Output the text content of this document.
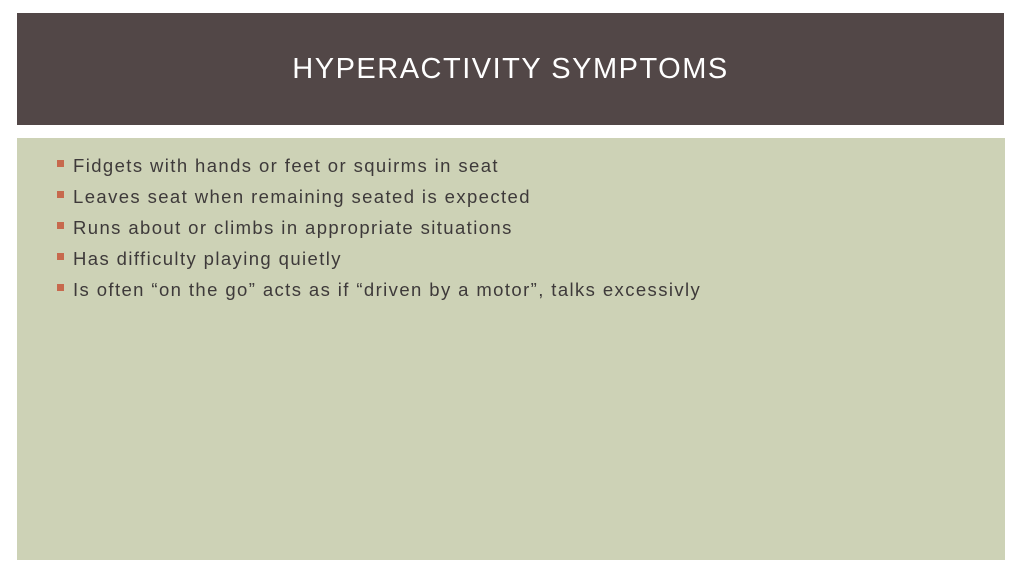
HYPERACTIVITY SYMPTOMS
Fidgets with hands or feet or squirms in seat
Leaves seat when remaining seated is expected
Runs about or climbs in appropriate situations
Has difficulty playing quietly
Is often “on the go” acts as if “driven by a motor”, talks excessivly
